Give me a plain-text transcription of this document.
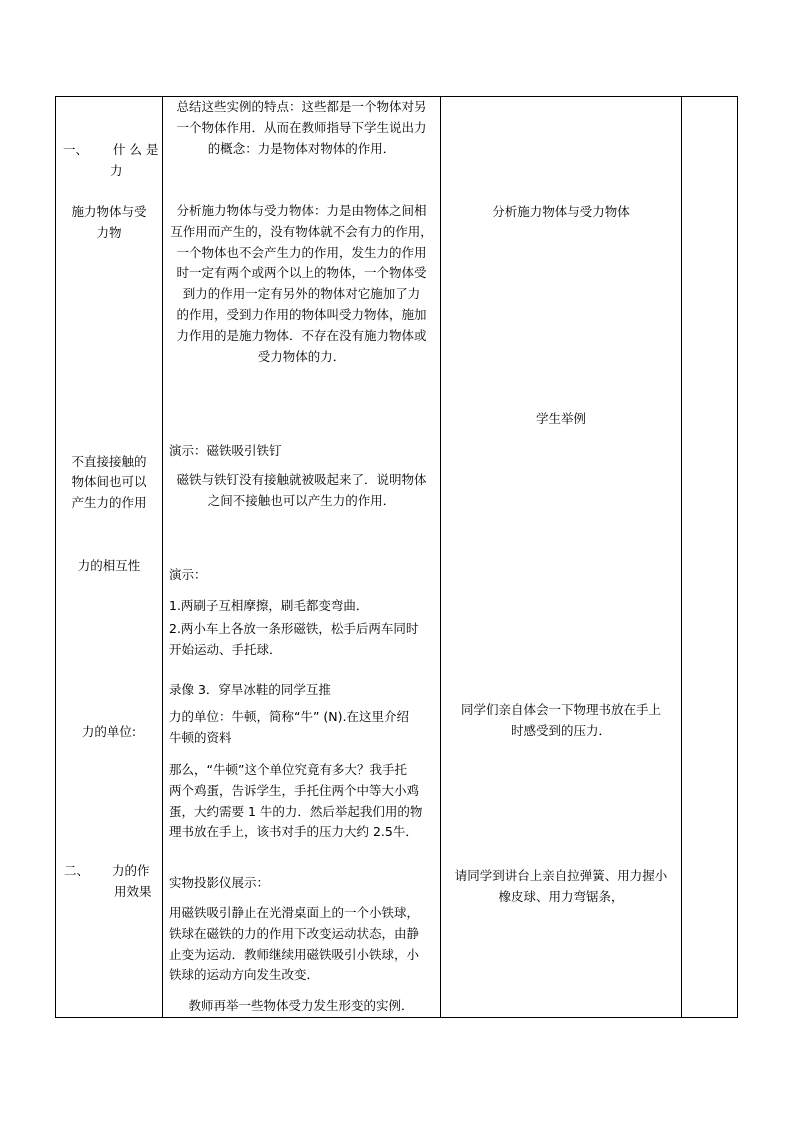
一、 什 么 是
力
施力物体与受
力物
不直接接触的
物体间也可以
产生力的作用
力的相互性
力的单位:
二、 力的作
用效果
总结这些实例的特点：这些都是一个物体对另
一个物体作用．从而在教师指导下学生说出力
的概念：力是物体对物体的作用．
分析施力物体与受力物体：力是由物体之间相
互作用而产生的，没有物体就不会有力的作用，
一个物体也不会产生力的作用，发生力的作用
时一定有两个或两个以上的物体，一个物体受
到力的作用一定有另外的物体对它施加了力
的作用，受到力作用的物体叫受力物体，施加
力作用的是施力物体．不存在没有施力物体或
受力物体的力．
演示：磁铁吸引铁钉
磁铁与铁钉没有接触就被吸起来了．说明物体
之间不接触也可以产生力的作用．
演示：
1.两刷子互相摩擦，刷毛都变弯曲．
2.两小车上各放一条形磁铁，松手后两车同时
开始运动、手托球．
录像 3．穿旱冰鞋的同学互推
力的单位：牛顿，简称“牛” (N).在这里介绍
牛顿的资料
那么，“牛顿”这个单位究竟有多大？我手托
两个鸡蛋，告诉学生，手托住两个中等大小鸡
蛋，大约需要 1 牛的力．然后举起我们用的物
理书放在手上，该书对手的压力大约 2.5牛．
实物投影仪展示：
用磁铁吸引静止在光滑桌面上的一个小铁球，
铁球在磁铁的力的作用下改变运动状态，由静
止变为运动．教师继续用磁铁吸引小铁球，小
铁球的运动方向发生改变．
教师再举一些物体受力发生形变的实例．
分析施力物体与受力物体
学生举例
同学们亲自体会一下物理书放在手上
时感受到的压力．
请同学到讲台上亲自拉弹簧、用力握小
橡皮球、用力弯锯条，
